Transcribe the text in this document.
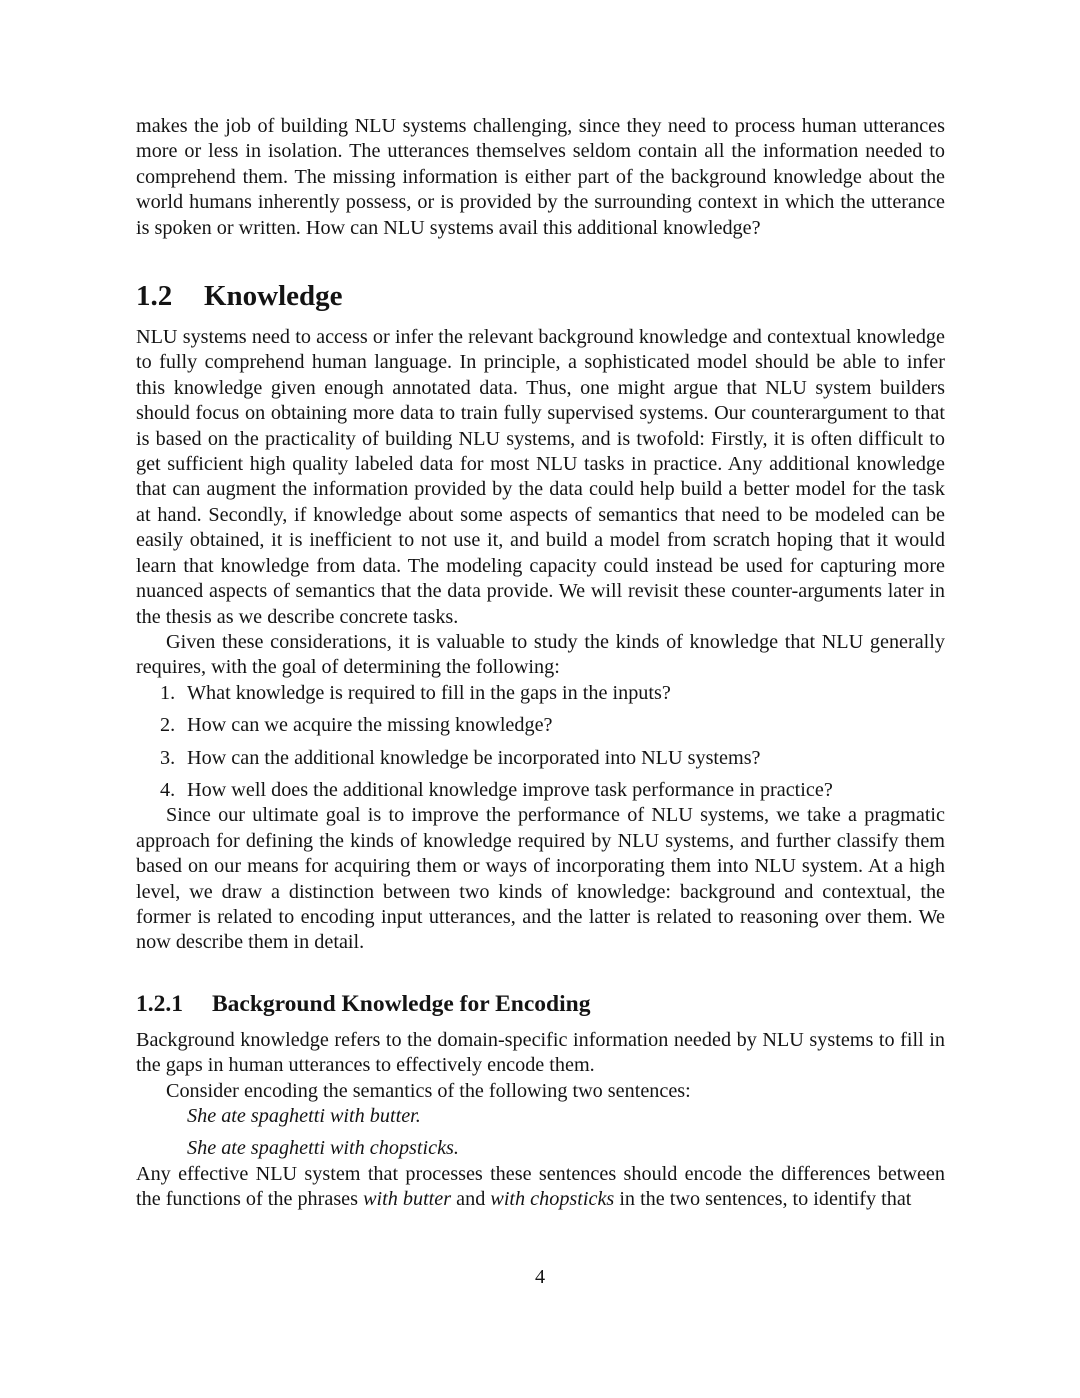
makes the job of building NLU systems challenging, since they need to process human utterances more or less in isolation. The utterances themselves seldom contain all the information needed to comprehend them. The missing information is either part of the background knowledge about the world humans inherently possess, or is provided by the surrounding context in which the utterance is spoken or written. How can NLU systems avail this additional knowledge?

1.2 Knowledge

NLU systems need to access or infer the relevant background knowledge and contextual knowledge to fully comprehend human language. In principle, a sophisticated model should be able to infer this knowledge given enough annotated data. Thus, one might argue that NLU system builders should focus on obtaining more data to train fully supervised systems. Our counterargument to that is based on the practicality of building NLU systems, and is twofold: Firstly, it is often difficult to get sufficient high quality labeled data for most NLU tasks in practice. Any additional knowledge that can augment the information provided by the data could help build a better model for the task at hand. Secondly, if knowledge about some aspects of semantics that need to be modeled can be easily obtained, it is inefficient to not use it, and build a model from scratch hoping that it would learn that knowledge from data. The modeling capacity could instead be used for capturing more nuanced aspects of semantics that the data provide. We will revisit these counter-arguments later in the thesis as we describe concrete tasks.

Given these considerations, it is valuable to study the kinds of knowledge that NLU generally requires, with the goal of determining the following:

1. What knowledge is required to fill in the gaps in the inputs?
2. How can we acquire the missing knowledge?
3. How can the additional knowledge be incorporated into NLU systems?
4. How well does the additional knowledge improve task performance in practice?

Since our ultimate goal is to improve the performance of NLU systems, we take a pragmatic approach for defining the kinds of knowledge required by NLU systems, and further classify them based on our means for acquiring them or ways of incorporating them into NLU system. At a high level, we draw a distinction between two kinds of knowledge: background and contextual, the former is related to encoding input utterances, and the latter is related to reasoning over them. We now describe them in detail.

1.2.1 Background Knowledge for Encoding

Background knowledge refers to the domain-specific information needed by NLU systems to fill in the gaps in human utterances to effectively encode them.

Consider encoding the semantics of the following two sentences:

She ate spaghetti with butter.
She ate spaghetti with chopsticks.

Any effective NLU system that processes these sentences should encode the differences between the functions of the phrases with butter and with chopsticks in the two sentences, to identify that

4
